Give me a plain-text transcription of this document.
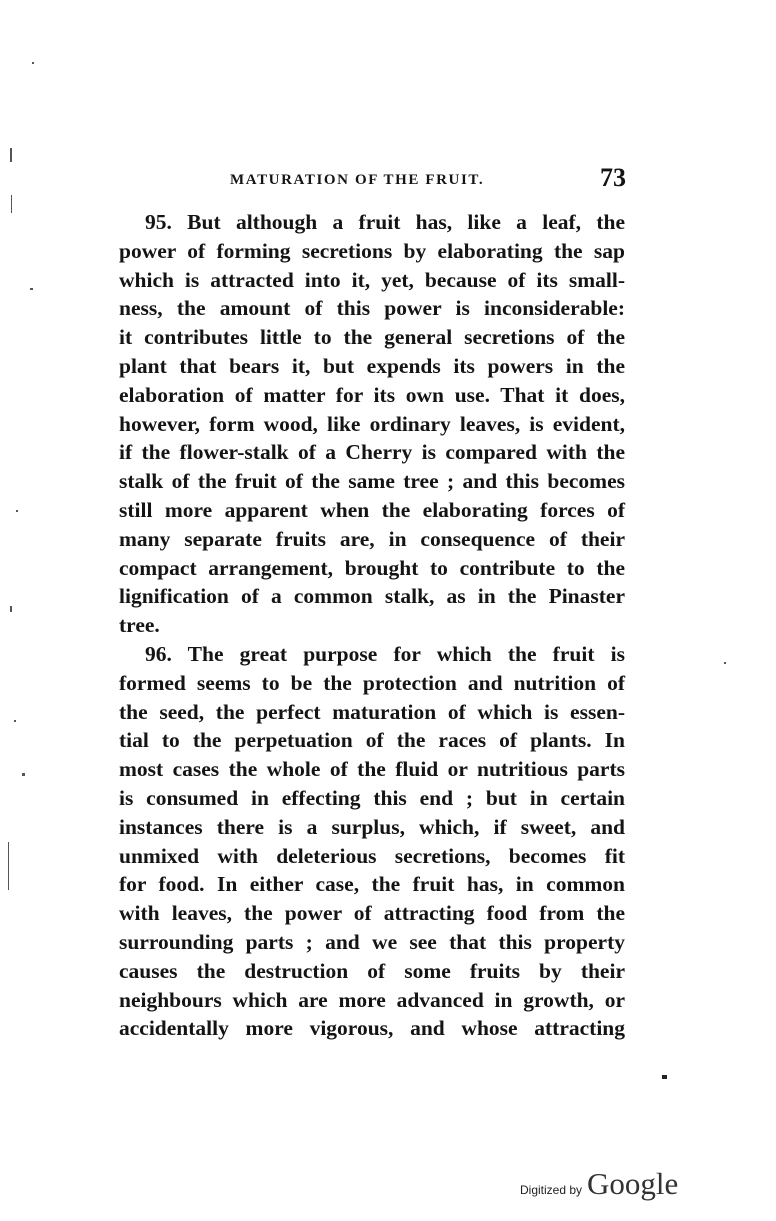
MATURATION OF THE FRUIT.	73
95. But although a fruit has, like a leaf, the
power of forming secretions by elaborating the sap
which is attracted into it, yet, because of its small-
ness, the amount of this power is inconsiderable:
it contributes little to the general secretions of the
plant that bears it, but expends its powers in the
elaboration of matter for its own use. That it does,
however, form wood, like ordinary leaves, is evident,
if the flower-stalk of a Cherry is compared with the
stalk of the fruit of the same tree ; and this becomes
still more apparent when the elaborating forces of
many separate fruits are, in consequence of their
compact arrangement, brought to contribute to the
lignification of a common stalk, as in the Pinaster
tree.
96. The great purpose for which the fruit is
formed seems to be the protection and nutrition of
the seed, the perfect maturation of which is essen-
tial to the perpetuation of the races of plants. In
most cases the whole of the fluid or nutritious parts
is consumed in effecting this end ; but in certain
instances there is a surplus, which, if sweet, and
unmixed with deleterious secretions, becomes fit
for food. In either case, the fruit has, in common
with leaves, the power of attracting food from the
surrounding parts ; and we see that this property
causes the destruction of some fruits by their
neighbours which are more advanced in growth, or
accidentally more vigorous, and whose attracting
Digitized by Google
